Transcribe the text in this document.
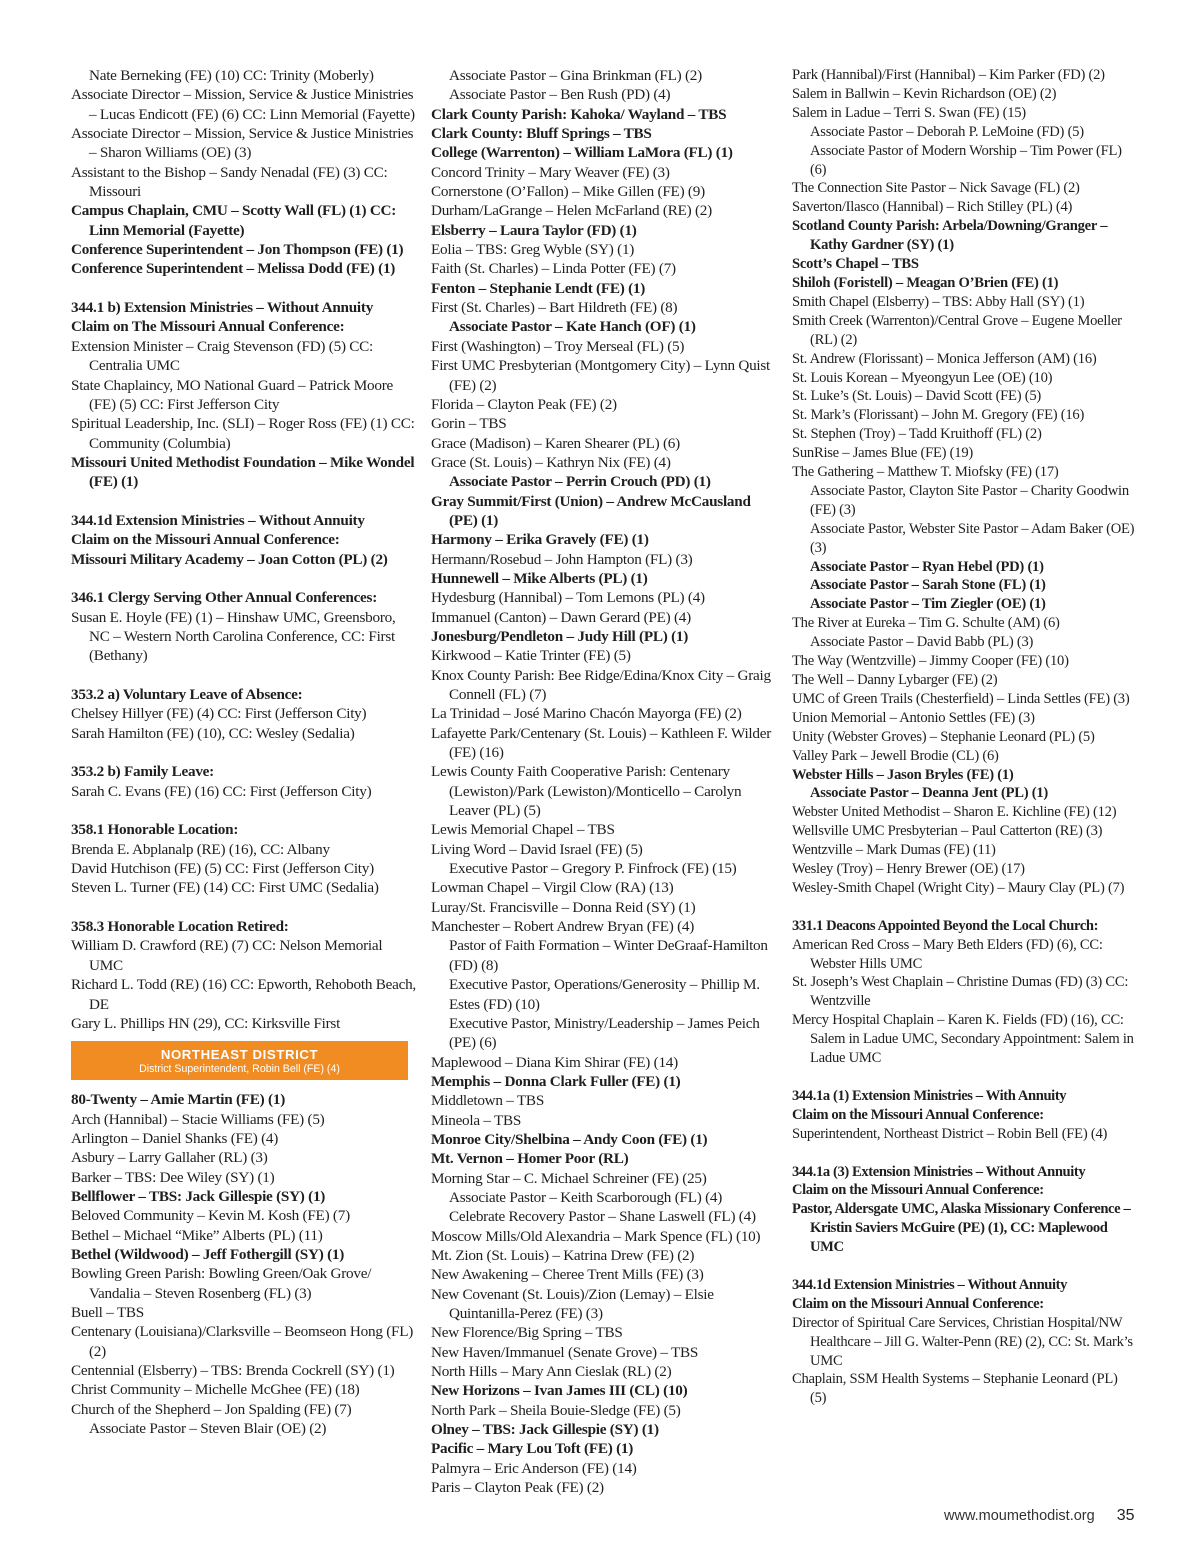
Nate Berneking (FE) (10) CC: Trinity (Moberly)
Associate Director – Mission, Service & Justice Ministries – Lucas Endicott (FE) (6) CC: Linn Memorial (Fayette)
Associate Director – Mission, Service & Justice Ministries – Sharon Williams (OE) (3)
Assistant to the Bishop – Sandy Nenadal (FE) (3) CC: Missouri
Campus Chaplain, CMU – Scotty Wall (FL) (1) CC: Linn Memorial (Fayette)
Conference Superintendent – Jon Thompson (FE) (1)
Conference Superintendent – Melissa Dodd (FE) (1)
344.1 b) Extension Ministries – Without Annuity
Claim on The Missouri Annual Conference:
Extension Minister – Craig Stevenson (FD) (5) CC: Centralia UMC
State Chaplaincy, MO National Guard – Patrick Moore (FE) (5) CC: First Jefferson City
Spiritual Leadership, Inc. (SLI) – Roger Ross (FE) (1) CC: Community (Columbia)
Missouri United Methodist Foundation – Mike Wondel (FE) (1)
344.1d Extension Ministries – Without Annuity
Claim on the Missouri Annual Conference:
Missouri Military Academy – Joan Cotton (PL) (2)
346.1 Clergy Serving Other Annual Conferences:
Susan E. Hoyle (FE) (1) – Hinshaw UMC, Greensboro, NC – Western North Carolina Conference, CC: First (Bethany)
353.2 a) Voluntary Leave of Absence:
Chelsey Hillyer (FE) (4) CC: First (Jefferson City)
Sarah Hamilton (FE) (10), CC: Wesley (Sedalia)
353.2 b) Family Leave:
Sarah C. Evans (FE) (16) CC: First (Jefferson City)
358.1 Honorable Location:
Brenda E. Abplanalp (RE) (16), CC: Albany
David Hutchison (FE) (5) CC: First (Jefferson City)
Steven L. Turner (FE) (14) CC: First UMC (Sedalia)
358.3 Honorable Location Retired:
William D. Crawford (RE) (7) CC: Nelson Memorial UMC
Richard L. Todd (RE) (16) CC: Epworth, Rehoboth Beach, DE
Gary L. Phillips HN (29), CC: Kirksville First
NORTHEAST DISTRICT
District Superintendent, Robin Bell (FE) (4)
80-Twenty – Amie Martin (FE) (1)
Arch (Hannibal) – Stacie Williams (FE) (5)
Arlington – Daniel Shanks (FE) (4)
Asbury – Larry Gallaher (RL) (3)
Barker – TBS: Dee Wiley (SY) (1)
Bellflower – TBS: Jack Gillespie (SY) (1)
Beloved Community – Kevin M. Kosh (FE) (7)
Bethel – Michael “Mike” Alberts (PL) (11)
Bethel (Wildwood) – Jeff Fothergill (SY) (1)
Bowling Green Parish: Bowling Green/Oak Grove/ Vandalia – Steven Rosenberg (FL) (3)
Buell – TBS
Centenary (Louisiana)/Clarksville – Beomseon Hong (FL) (2)
Centennial (Elsberry) – TBS: Brenda Cockrell (SY) (1)
Christ Community – Michelle McGhee (FE) (18)
Church of the Shepherd – Jon Spalding (FE) (7)
Associate Pastor – Steven Blair (OE) (2)
Associate Pastor – Gina Brinkman (FL) (2)
Associate Pastor – Ben Rush (PD) (4)
Clark County Parish: Kahoka/ Wayland – TBS
Clark County: Bluff Springs – TBS
College (Warrenton) – William LaMora (FL) (1)
Concord Trinity – Mary Weaver (FE) (3)
Cornerstone (O’Fallon) – Mike Gillen (FE) (9)
Durham/LaGrange – Helen McFarland (RE) (2)
Elsberry – Laura Taylor (FD) (1)
Eolia – TBS: Greg Wyble (SY) (1)
Faith (St. Charles) – Linda Potter (FE) (7)
Fenton – Stephanie Lendt (FE) (1)
First (St. Charles) – Bart Hildreth (FE) (8)
Associate Pastor – Kate Hanch (OF) (1)
First (Washington) – Troy Merseal (FL) (5)
First UMC Presbyterian (Montgomery City) – Lynn Quist (FE) (2)
Florida – Clayton Peak (FE) (2)
Gorin – TBS
Grace (Madison) – Karen Shearer (PL) (6)
Grace (St. Louis) – Kathryn Nix (FE) (4)
Associate Pastor – Perrin Crouch (PD) (1)
Gray Summit/First (Union) – Andrew McCausland (PE) (1)
Harmony – Erika Gravely (FE) (1)
Hermann/Rosebud – John Hampton (FL) (3)
Hunnewell – Mike Alberts (PL) (1)
Hydesburg (Hannibal) – Tom Lemons (PL) (4)
Immanuel (Canton) – Dawn Gerard (PE) (4)
Jonesburg/Pendleton – Judy Hill (PL) (1)
Kirkwood – Katie Trinter (FE) (5)
Knox County Parish: Bee Ridge/Edina/Knox City – Graig Connell (FL) (7)
La Trinidad – José Marino Chacón Mayorga (FE) (2)
Lafayette Park/Centenary (St. Louis) – Kathleen F. Wilder (FE) (16)
Lewis County Faith Cooperative Parish: Centenary (Lewiston)/Park (Lewiston)/Monticello – Carolyn Leaver (PL) (5)
Lewis Memorial Chapel – TBS
Living Word – David Israel (FE) (5)
Executive Pastor – Gregory P. Finfrock (FE) (15)
Lowman Chapel – Virgil Clow (RA) (13)
Luray/St. Francisville – Donna Reid (SY) (1)
Manchester – Robert Andrew Bryan (FE) (4)
Pastor of Faith Formation – Winter DeGraaf-Hamilton (FD) (8)
Executive Pastor, Operations/Generosity – Phillip M. Estes (FD) (10)
Executive Pastor, Ministry/Leadership – James Peich (PE) (6)
Maplewood – Diana Kim Shirar (FE) (14)
Memphis – Donna Clark Fuller (FE) (1)
Middletown – TBS
Mineola – TBS
Monroe City/Shelbina – Andy Coon (FE) (1)
Mt. Vernon – Homer Poor (RL)
Morning Star – C. Michael Schreiner (FE) (25)
Associate Pastor – Keith Scarborough (FL) (4)
Celebrate Recovery Pastor – Shane Laswell (FL) (4)
Moscow Mills/Old Alexandria – Mark Spence (FL) (10)
Mt. Zion (St. Louis) – Katrina Drew (FE) (2)
New Awakening – Cheree Trent Mills (FE) (3)
New Covenant (St. Louis)/Zion (Lemay) – Elsie Quintanilla-Perez (FE) (3)
New Florence/Big Spring – TBS
New Haven/Immanuel (Senate Grove) – TBS
North Hills – Mary Ann Cieslak (RL) (2)
New Horizons – Ivan James III (CL) (10)
North Park – Sheila Bouie-Sledge (FE) (5)
Olney – TBS: Jack Gillespie (SY) (1)
Pacific – Mary Lou Toft (FE) (1)
Palmyra – Eric Anderson (FE) (14)
Paris – Clayton Peak (FE) (2)
Park (Hannibal)/First (Hannibal) – Kim Parker (FD) (2)
Salem in Ballwin – Kevin Richardson (OE) (2)
Salem in Ladue – Terri S. Swan (FE) (15)
Associate Pastor – Deborah P. LeMoine (FD) (5)
Associate Pastor of Modern Worship – Tim Power (FL) (6)
The Connection Site Pastor – Nick Savage (FL) (2)
Saverton/Ilasco (Hannibal) – Rich Stilley (PL) (4)
Scotland County Parish: Arbela/Downing/Granger – Kathy Gardner (SY) (1)
Scott’s Chapel – TBS
Shiloh (Foristell) – Meagan O’Brien (FE) (1)
Smith Chapel (Elsberry) – TBS: Abby Hall (SY) (1)
Smith Creek (Warrenton)/Central Grove – Eugene Moeller (RL) (2)
St. Andrew (Florissant) – Monica Jefferson (AM) (16)
St. Louis Korean – Myeongyun Lee (OE) (10)
St. Luke’s (St. Louis) – David Scott (FE) (5)
St. Mark’s (Florissant) – John M. Gregory (FE) (16)
St. Stephen (Troy) – Tadd Kruithoff (FL) (2)
SunRise – James Blue (FE) (19)
The Gathering – Matthew T. Miofsky (FE) (17)
Associate Pastor, Clayton Site Pastor – Charity Goodwin (FE) (3)
Associate Pastor, Webster Site Pastor – Adam Baker (OE) (3)
Associate Pastor – Ryan Hebel (PD) (1)
Associate Pastor – Sarah Stone (FL) (1)
Associate Pastor – Tim Ziegler (OE) (1)
The River at Eureka – Tim G. Schulte (AM) (6)
Associate Pastor – David Babb (PL) (3)
The Way (Wentzville) – Jimmy Cooper (FE) (10)
The Well – Danny Lybarger (FE) (2)
UMC of Green Trails (Chesterfield) – Linda Settles (FE) (3)
Union Memorial – Antonio Settles (FE) (3)
Unity (Webster Groves) – Stephanie Leonard (PL) (5)
Valley Park – Jewell Brodie (CL) (6)
Webster Hills – Jason Bryles (FE) (1)
Associate Pastor – Deanna Jent (PL) (1)
Webster United Methodist – Sharon E. Kichline (FE) (12)
Wellsville UMC Presbyterian – Paul Catterton (RE) (3)
Wentzville – Mark Dumas (FE) (11)
Wesley (Troy) – Henry Brewer (OE) (17)
Wesley-Smith Chapel (Wright City) – Maury Clay (PL) (7)
331.1 Deacons Appointed Beyond the Local Church:
American Red Cross – Mary Beth Elders (FD) (6), CC: Webster Hills UMC
St. Joseph’s West Chaplain – Christine Dumas (FD) (3) CC: Wentzville
Mercy Hospital Chaplain – Karen K. Fields (FD) (16), CC: Salem in Ladue UMC, Secondary Appointment: Salem in Ladue UMC
344.1a (1) Extension Ministries – With Annuity
Claim on the Missouri Annual Conference:
Superintendent, Northeast District – Robin Bell (FE) (4)
344.1a (3) Extension Ministries – Without Annuity
Claim on the Missouri Annual Conference:
Pastor, Aldersgate UMC, Alaska Missionary Conference – Kristin Saviers McGuire (PE) (1), CC: Maplewood UMC
344.1d Extension Ministries – Without Annuity
Claim on the Missouri Annual Conference:
Director of Spiritual Care Services, Christian Hospital/NW Healthcare – Jill G. Walter-Penn (RE) (2), CC: St. Mark’s UMC
Chaplain, SSM Health Systems – Stephanie Leonard (PL) (5)
www.moumethodist.org 35
